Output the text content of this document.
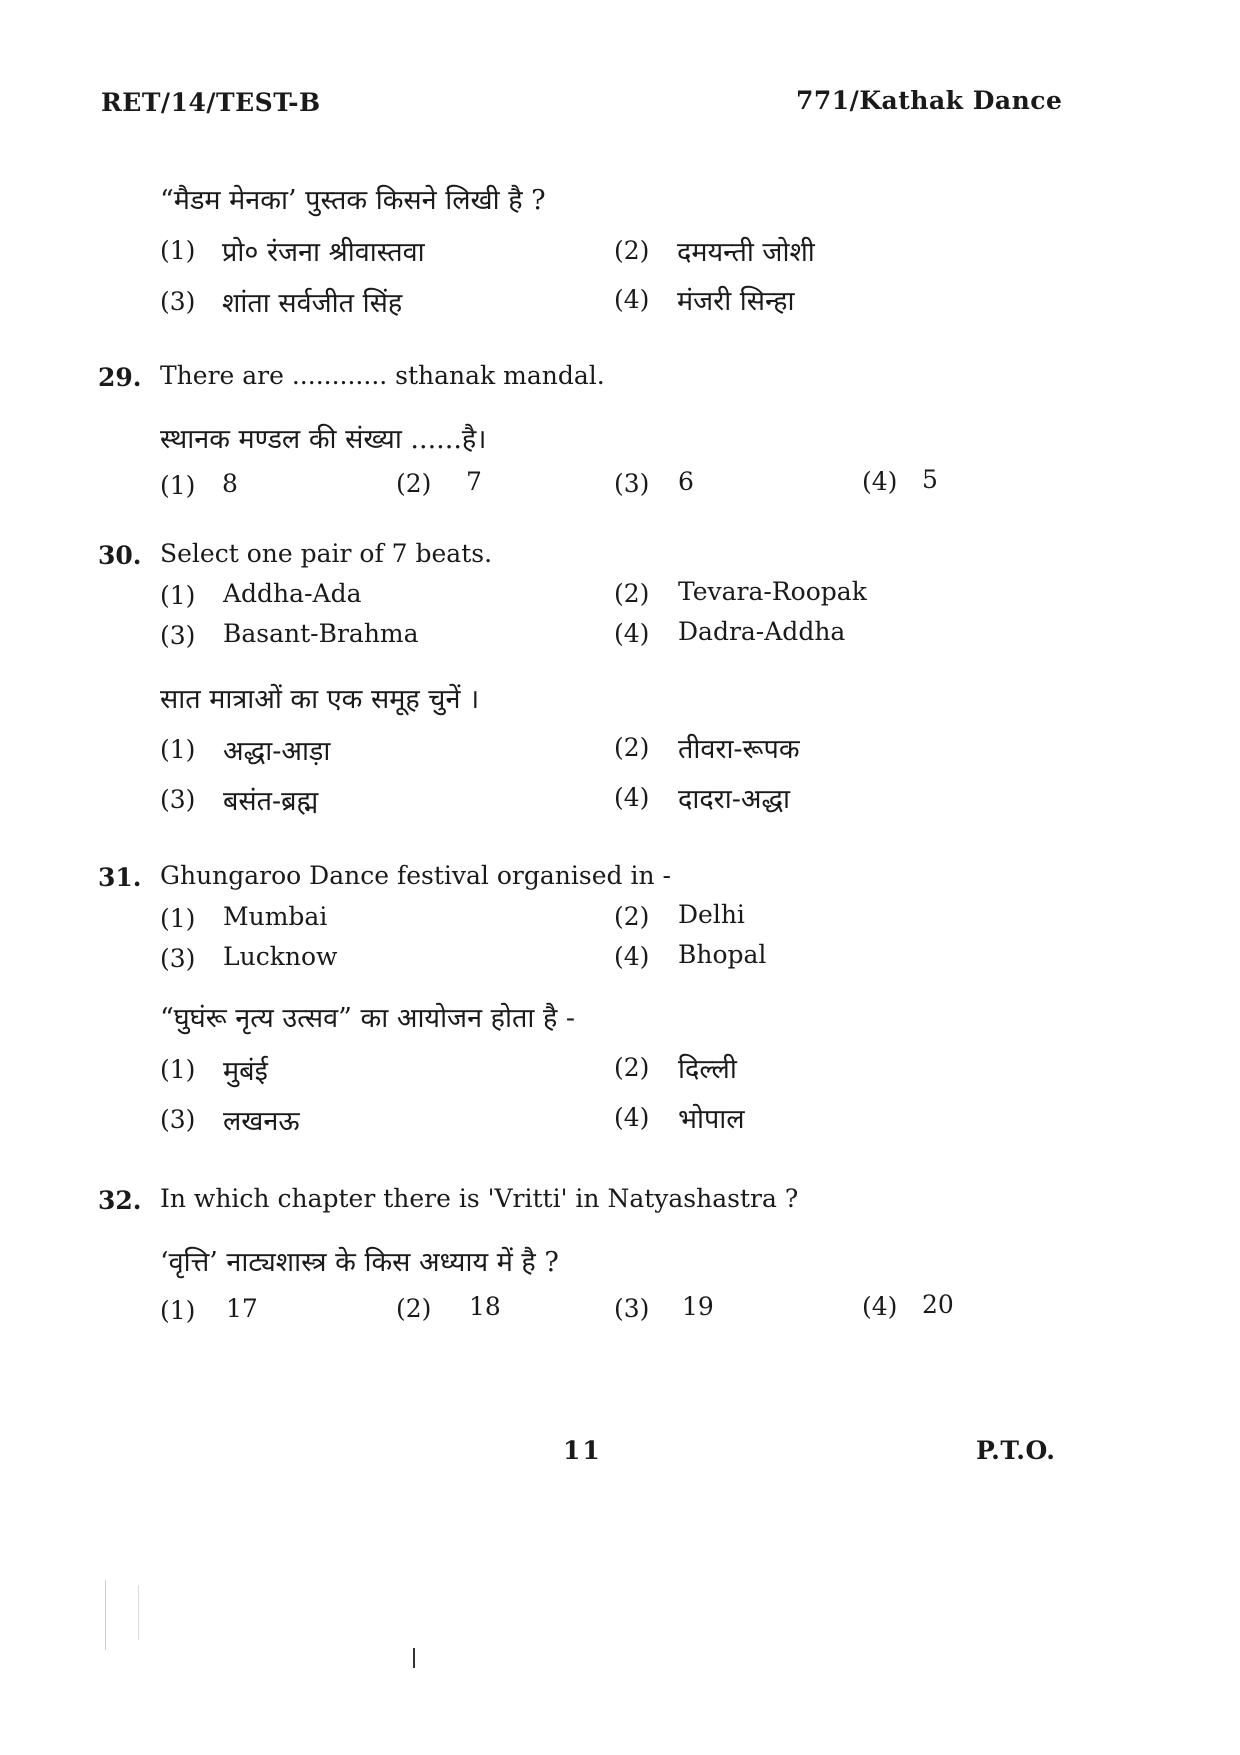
RET/14/TEST-B	771/Kathak Dance
“मैडम मेनका’ पुस्तक किसने लिखी है ?
(1) प्रो० रंजना श्रीवास्तवा	(2) दमयन्ती जोशी
(3) शांता सर्वजीत सिंह	(4) मंजरी सिन्हा
29. There are ............ sthanak mandal.
स्थानक मण्डल की संख्या ......है।
(1) 8	(2) 7	(3) 6	(4) 5
30. Select one pair of 7 beats.
(1) Addha-Ada	(2) Tevara-Roopak
(3) Basant-Brahma	(4) Dadra-Addha
सात मात्राओं का एक समूह चुनें ।
(1) अद्धा-आड़ा	(2) तीवरा-रूपक
(3) बसंत-ब्रह्म	(4) दादरा-अद्धा
31. Ghungaroo Dance festival organised in -
(1) Mumbai	(2) Delhi
(3) Lucknow	(4) Bhopal
“घुघंरू नृत्य उत्सव” का आयोजन होता है -
(1) मुबंई	(2) दिल्ली
(3) लखनऊ	(4) भोपाल
32. In which chapter there is 'Vritti' in Natyashastra ?
‘वृत्ति’ नाट्यशास्त्र के किस अध्याय में है ?
(1) 17	(2) 18	(3) 19	(4) 20
11	P.T.O.
